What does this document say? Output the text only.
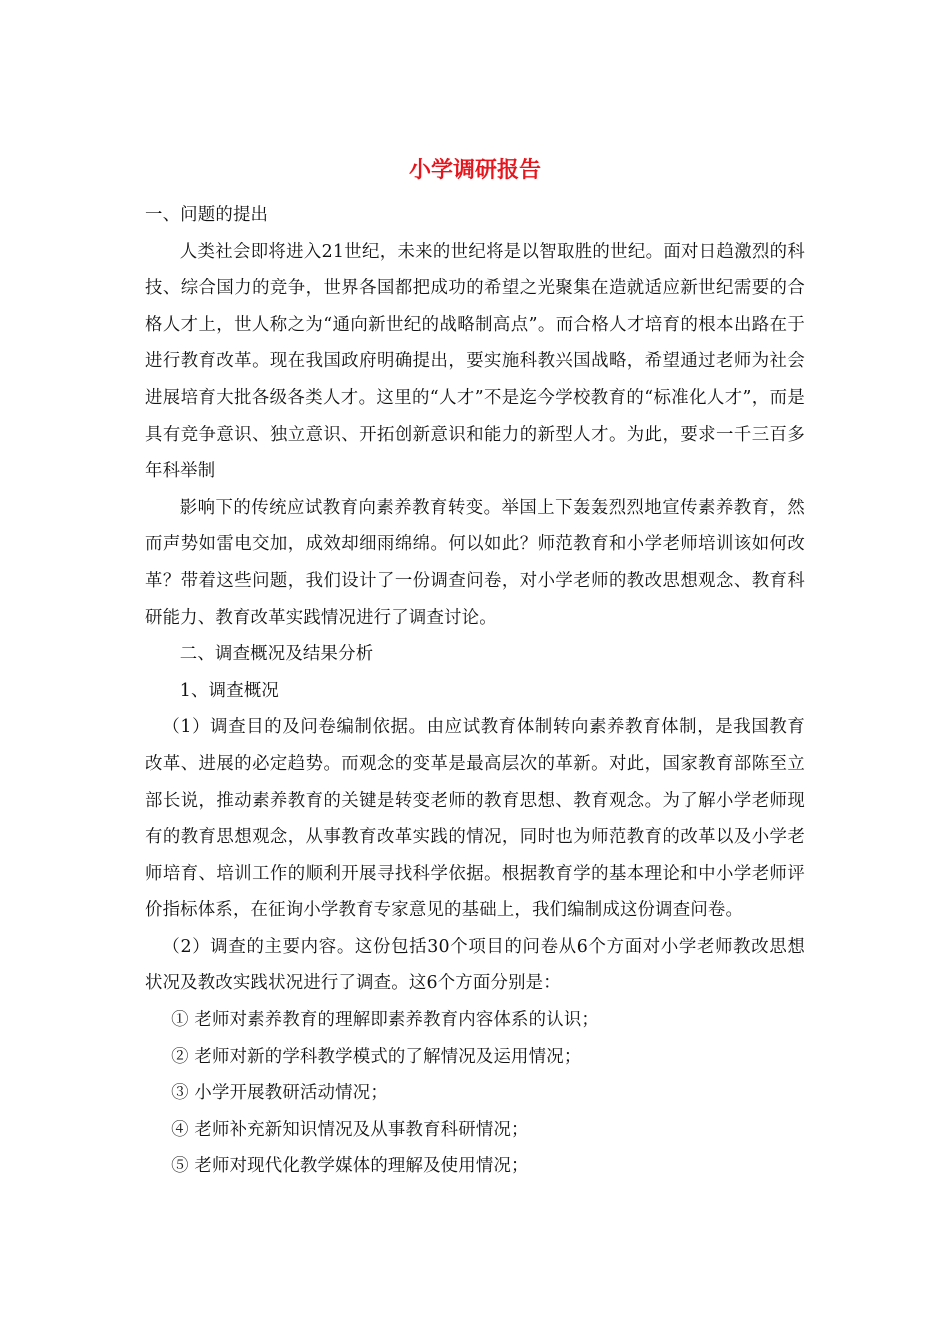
小学调研报告

一、问题的提出

人类社会即将进入21世纪，未来的世纪将是以智取胜的世纪。面对日趋激烈的科技、综合国力的竞争，世界各国都把成功的希望之光聚集在造就适应新世纪需要的合格人才上，世人称之为“通向新世纪的战略制高点”。而合格人才培育的根本出路在于进行教育改革。现在我国政府明确提出，要实施科教兴国战略，希望通过老师为社会进展培育大批各级各类人才。这里的“人才”不是迄今学校教育的“标准化人才”，而是具有竞争意识、独立意识、开拓创新意识和能力的新型人才。为此，要求一千三百多年科举制

影响下的传统应试教育向素养教育转变。举国上下轰轰烈烈地宣传素养教育，然而声势如雷电交加，成效却细雨绵绵。何以如此？师范教育和小学老师培训该如何改革？带着这些问题，我们设计了一份调查问卷，对小学老师的教改思想观念、教育科研能力、教育改革实践情况进行了调查讨论。

二、调查概况及结果分析

1、调查概况

（1）调查目的及问卷编制依据。由应试教育体制转向素养教育体制，是我国教育改革、进展的必定趋势。而观念的变革是最高层次的革新。对此，国家教育部陈至立部长说，推动素养教育的关键是转变老师的教育思想、教育观念。为了解小学老师现有的教育思想观念，从事教育改革实践的情况，同时也为师范教育的改革以及小学老师培育、培训工作的顺利开展寻找科学依据。根据教育学的基本理论和中小学老师评价指标体系，在征询小学教育专家意见的基础上，我们编制成这份调查问卷。

（2）调查的主要内容。这份包括30个项目的问卷从6个方面对小学老师教改思想状况及教改实践状况进行了调查。这6个方面分别是：

① 老师对素养教育的理解即素养教育内容体系的认识；

② 老师对新的学科教学模式的了解情况及运用情况；

③ 小学开展教研活动情况；

④ 老师补充新知识情况及从事教育科研情况；

⑤ 老师对现代化教学媒体的理解及使用情况；
